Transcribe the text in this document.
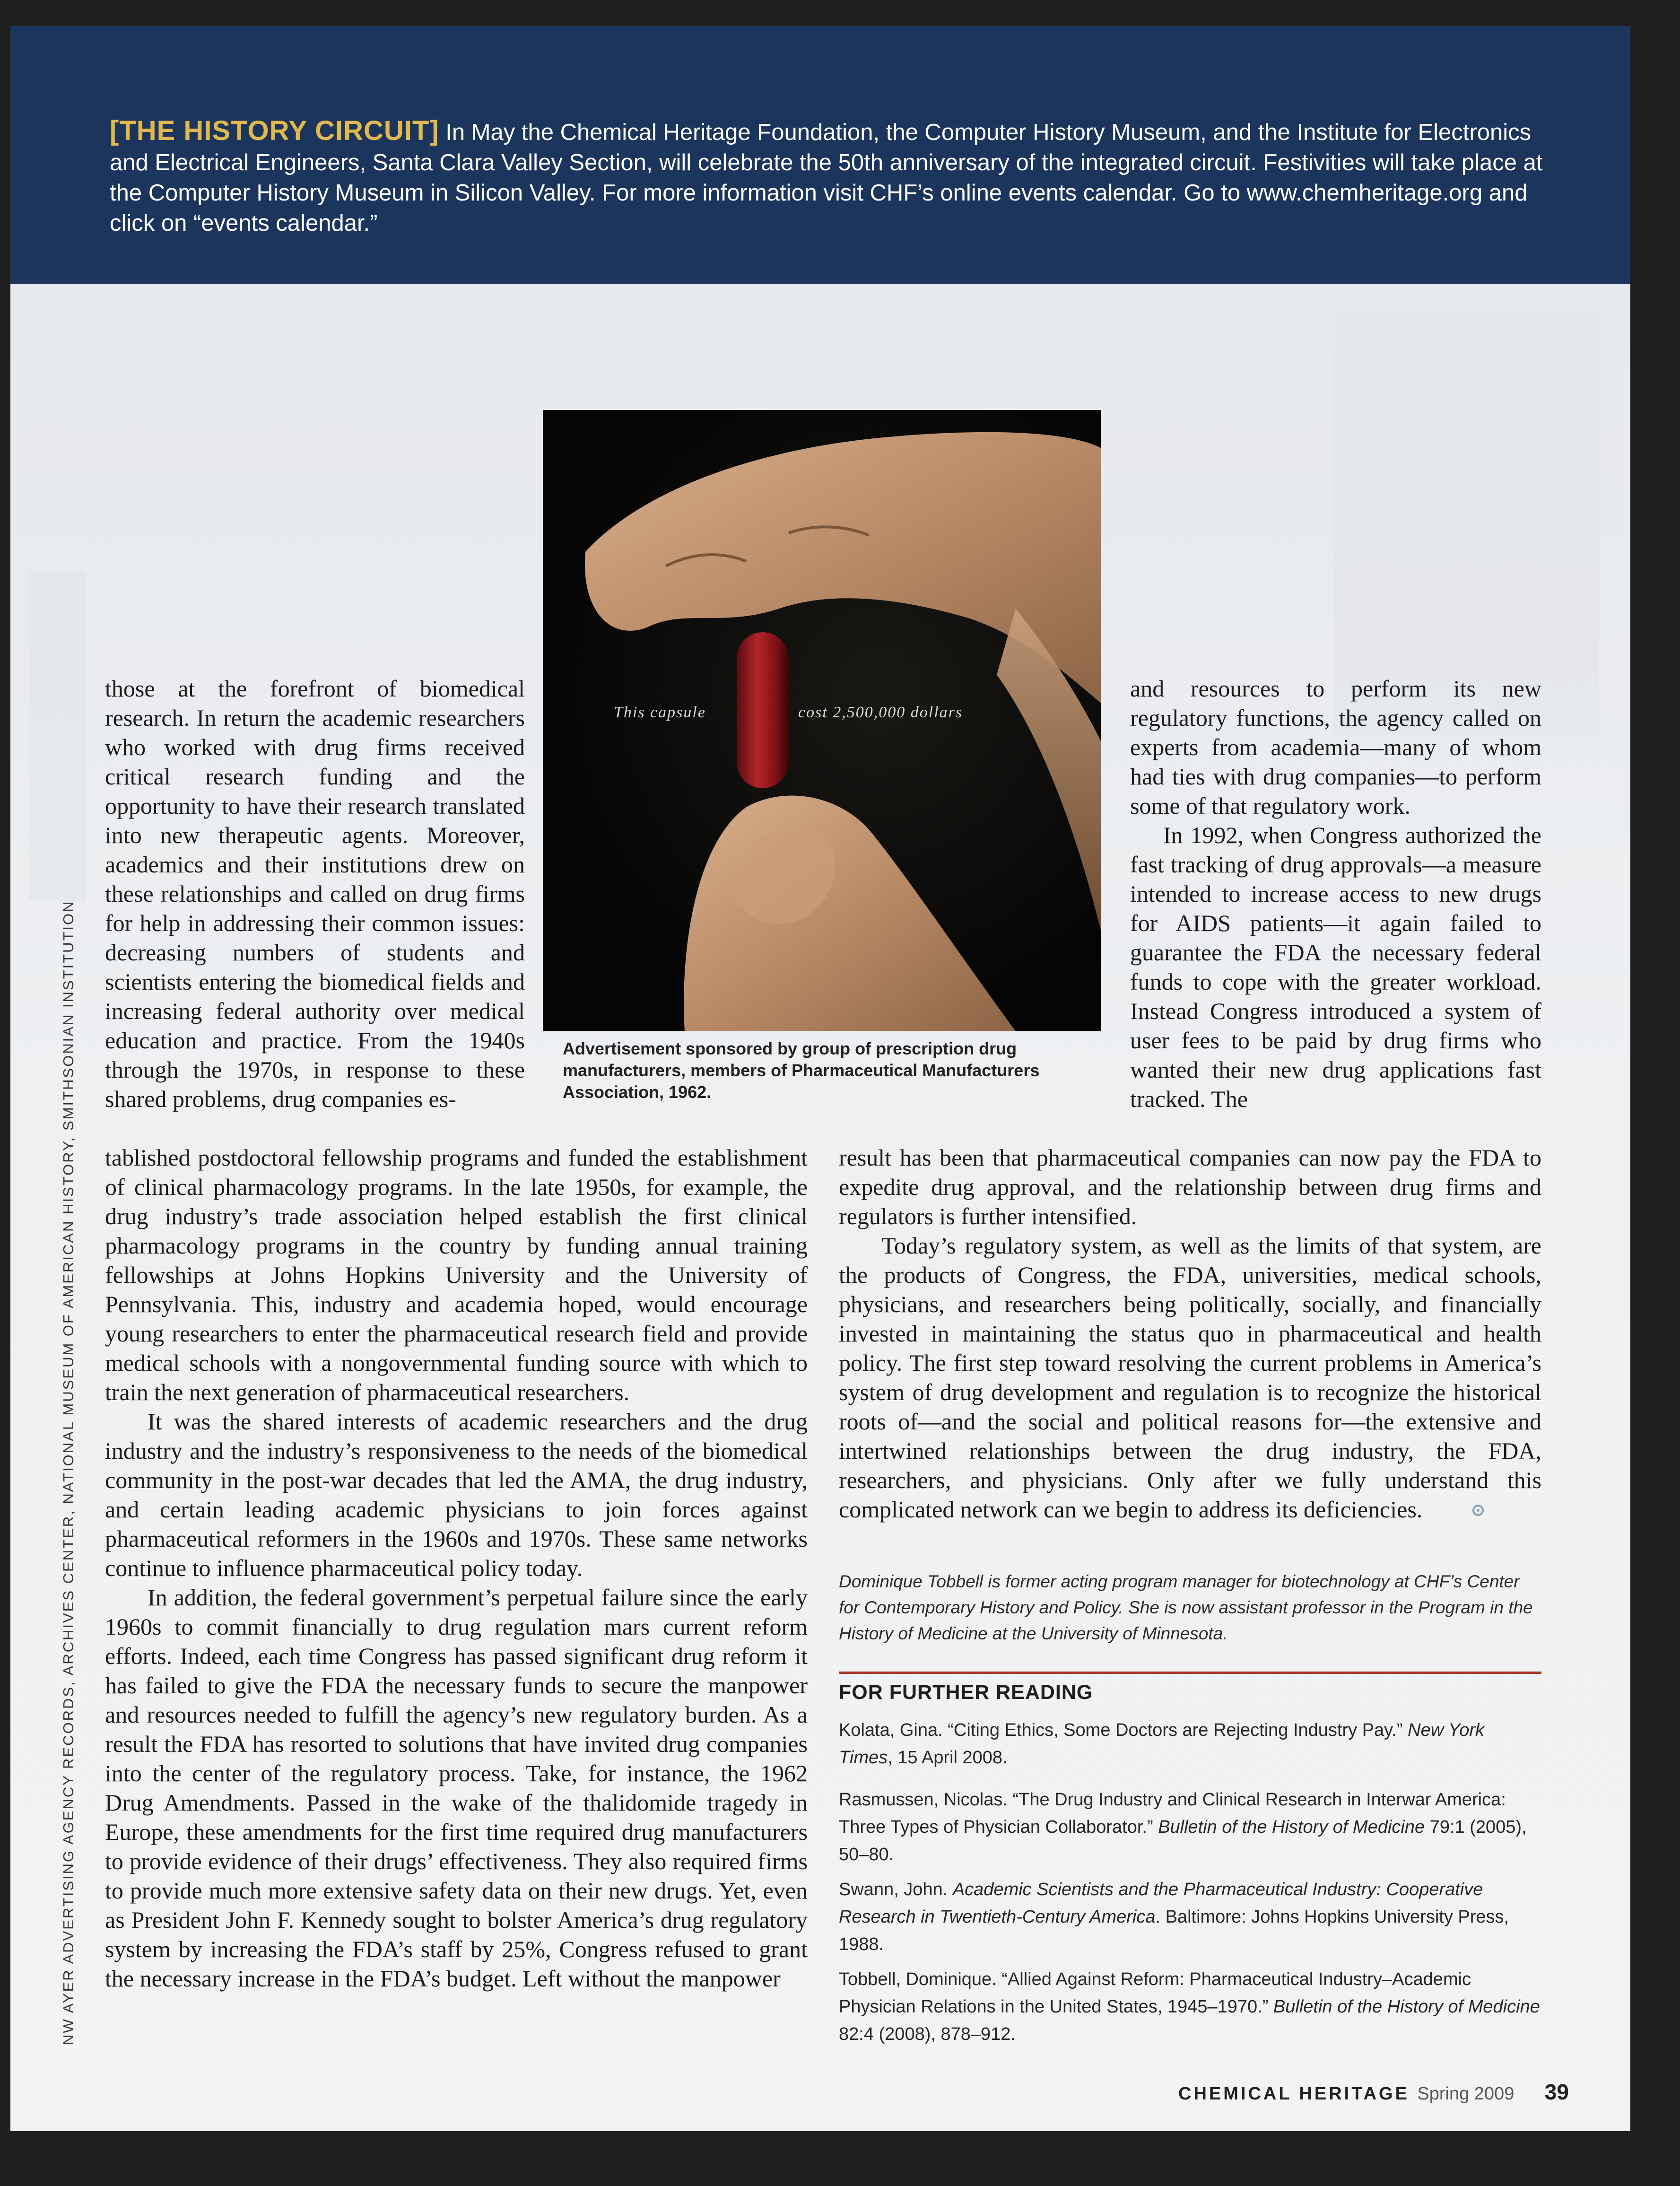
[THE HISTORY CIRCUIT] In May the Chemical Heritage Foundation, the Computer History Museum, and the Institute for Electronics and Electrical Engineers, Santa Clara Valley Section, will celebrate the 50th anniversary of the integrated circuit. Festivities will take place at the Computer History Museum in Silicon Valley. For more information visit CHF’s online events calendar. Go to www.chemheritage.org and click on “events calendar.”
This capsule	cost 2,500,000 dollars
Advertisement sponsored by group of prescription drug manufacturers, members of Pharmaceutical Manufacturers Association, 1962.

those at the forefront of biomedical research. In return the academic researchers who worked with drug firms received critical research funding and the opportunity to have their research translated into new therapeutic agents. Moreover, academics and their institutions drew on these relationships and called on drug firms for help in addressing their common issues: decreasing numbers of students and scientists entering the biomedical fields and increasing federal authority over medical education and practice. From the 1940s through the 1970s, in response to these shared problems, drug companies es-

tablished postdoctoral fellowship programs and funded the establishment of clinical pharmacology programs. In the late 1950s, for example, the drug industry’s trade association helped establish the first clinical pharmacology programs in the country by funding annual training fellowships at Johns Hopkins University and the University of Pennsylvania. This, industry and academia hoped, would encourage young researchers to enter the pharmaceutical research field and provide medical schools with a nongovernmental funding source with which to train the next generation of pharmaceutical researchers.

It was the shared interests of academic researchers and the drug industry and the industry’s responsiveness to the needs of the biomedical community in the post-war decades that led the AMA, the drug industry, and certain leading academic physicians to join forces against pharmaceutical reformers in the 1960s and 1970s. These same networks continue to influence pharmaceutical policy today.

In addition, the federal government’s perpetual failure since the early 1960s to commit financially to drug regulation mars current reform efforts. Indeed, each time Congress has passed significant drug reform it has failed to give the FDA the necessary funds to secure the manpower and resources needed to fulfill the agency’s new regulatory burden. As a result the FDA has resorted to solutions that have invited drug companies into the center of the regulatory process. Take, for instance, the 1962 Drug Amendments. Passed in the wake of the thalidomide tragedy in Europe, these amendments for the first time required drug manufacturers to provide evidence of their drugs’ effectiveness. They also required firms to provide much more extensive safety data on their new drugs. Yet, even as President John F. Kennedy sought to bolster America’s drug regulatory system by increasing the FDA’s staff by 25%, Congress refused to grant the necessary increase in the FDA’s budget. Left without the manpower

and resources to perform its new regulatory functions, the agency called on experts from academia—many of whom had ties with drug companies—to perform some of that regulatory work.

In 1992, when Congress authorized the fast tracking of drug approvals—a measure intended to increase access to new drugs for AIDS patients—it again failed to guarantee the FDA the necessary federal funds to cope with the greater workload. Instead Congress introduced a system of user fees to be paid by drug firms who wanted their new drug applications fast tracked. The

result has been that pharmaceutical companies can now pay the FDA to expedite drug approval, and the relationship between drug firms and regulators is further intensified.

Today’s regulatory system, as well as the limits of that system, are the products of Congress, the FDA, universities, medical schools, physicians, and researchers being politically, socially, and financially invested in maintaining the status quo in pharmaceutical and health policy. The first step toward resolving the current problems in America’s system of drug development and regulation is to recognize the historical roots of—and the social and political reasons for—the extensive and intertwined relationships between the drug industry, the FDA, researchers, and physicians. Only after we fully understand this complicated network can we begin to address its deficiencies.

Dominique Tobbell is former acting program manager for biotechnology at CHF’s Center for Contemporary History and Policy. She is now assistant professor in the Program in the History of Medicine at the University of Minnesota.
FOR FURTHER READING
Kolata, Gina. “Citing Ethics, Some Doctors are Rejecting Industry Pay.” New York Times, 15 April 2008.
Rasmussen, Nicolas. “The Drug Industry and Clinical Research in Interwar America: Three Types of Physician Collaborator.” Bulletin of the History of Medicine 79:1 (2005), 50–80.
Swann, John. Academic Scientists and the Pharmaceutical Industry: Cooperative Research in Twentieth-Century America. Baltimore: Johns Hopkins University Press, 1988.
Tobbell, Dominique. “Allied Against Reform: Pharmaceutical Industry–Academic Physician Relations in the United States, 1945–1970.” Bulletin of the History of Medicine 82:4 (2008), 878–912.
CHEMICAL HERITAGE Spring 2009 39
NW AYER ADVERTISING AGENCY RECORDS, ARCHIVES CENTER, NATIONAL MUSEUM OF AMERICAN HISTORY, SMITHSONIAN INSTITUTION
